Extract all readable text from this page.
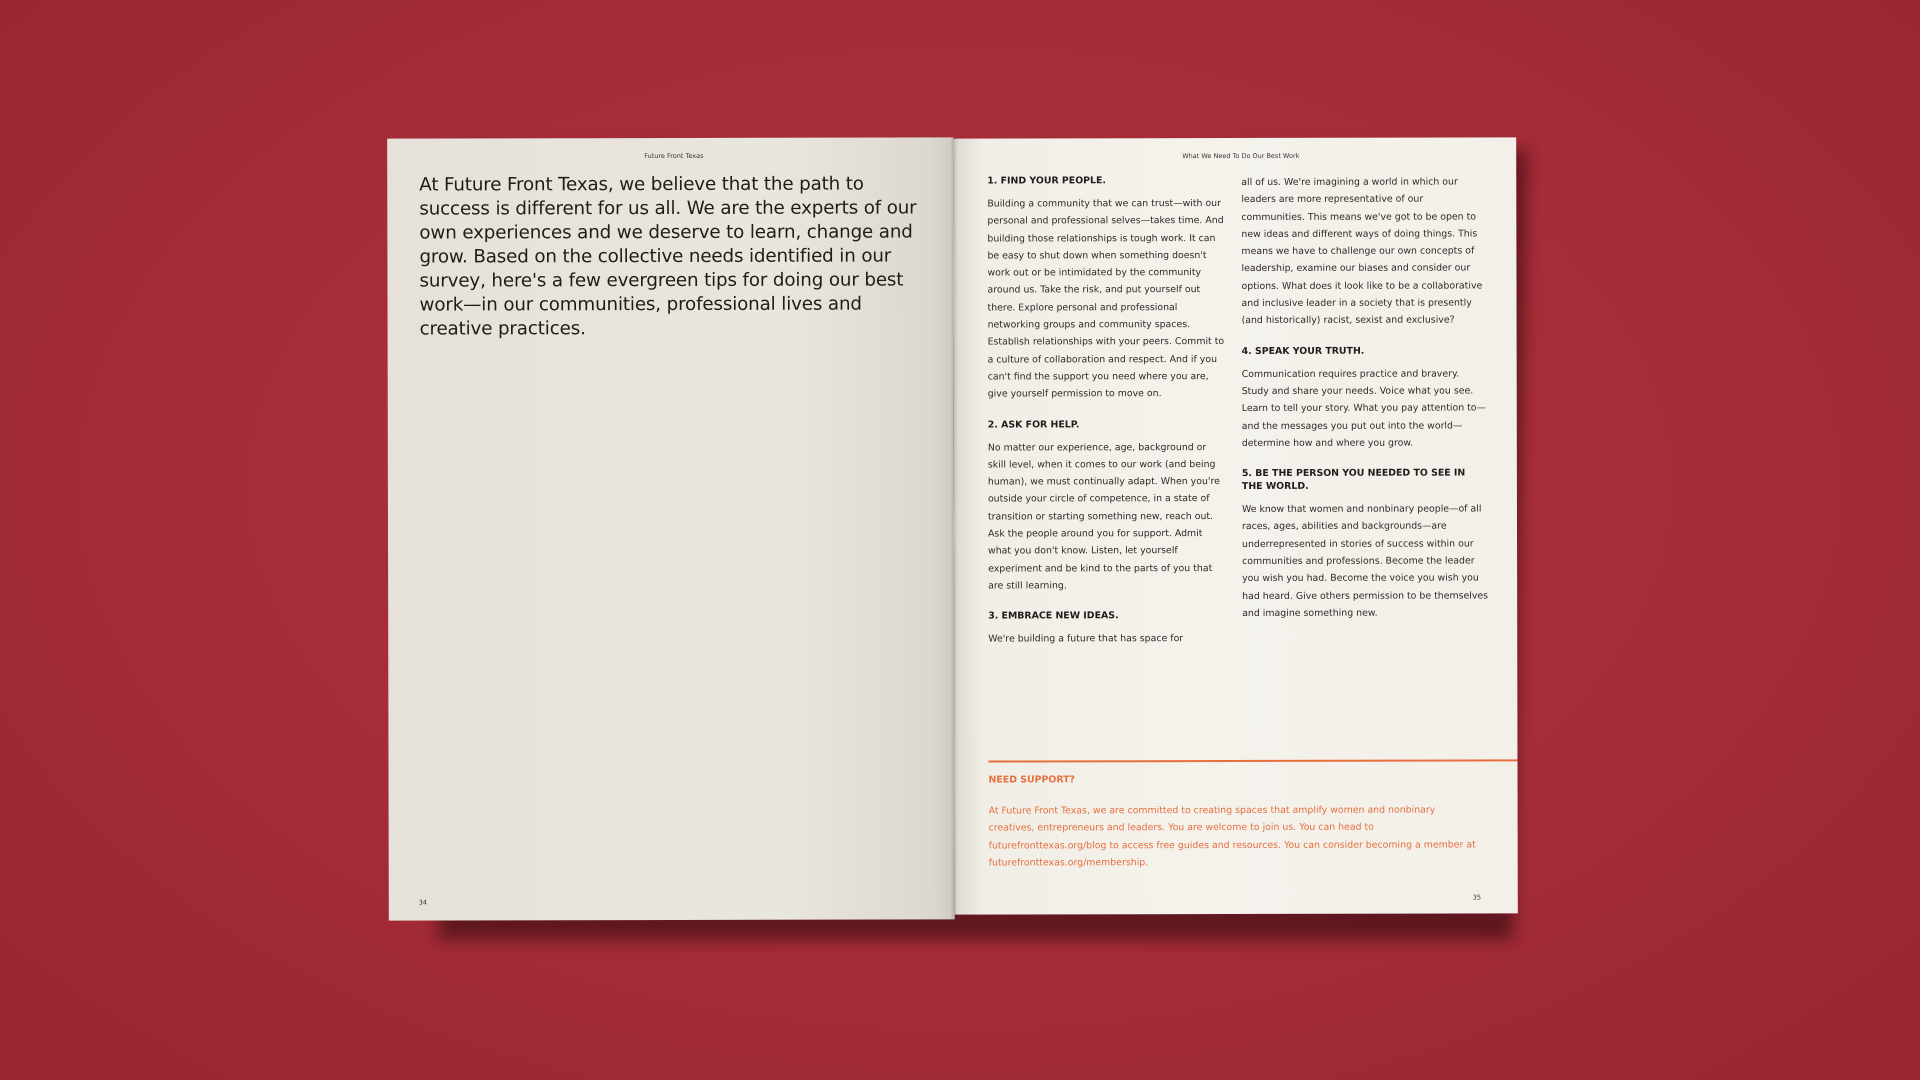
Future Front Texas

At Future Front Texas, we believe that the path to success is different for us all. We are the experts of our own experiences and we deserve to learn, change and grow. Based on the collective needs identified in our survey, here's a few evergreen tips for doing our best work—in our communities, professional lives and creative practices.

34
What We Need To Do Our Best Work
1. FIND YOUR PEOPLE.

Building a community that we can trust—with our personal and professional selves—takes time. And building those relationships is tough work. It can be easy to shut down when something doesn't work out or be intimidated by the community around us. Take the risk, and put yourself out there. Explore personal and professional networking groups and community spaces. Establish relationships with your peers. Commit to a culture of collaboration and respect. And if you can't find the support you need where you are, give yourself permission to move on.

2. ASK FOR HELP.

No matter our experience, age, background or skill level, when it comes to our work (and being human), we must continually adapt. When you're outside your circle of competence, in a state of transition or starting something new, reach out. Ask the people around you for support. Admit what you don't know. Listen, let yourself experiment and be kind to the parts of you that are still learning.

3. EMBRACE NEW IDEAS.

We're building a future that has space for

all of us. We're imagining a world in which our leaders are more representative of our communities. This means we've got to be open to new ideas and different ways of doing things. This means we have to challenge our own concepts of leadership, examine our biases and consider our options. What does it look like to be a collaborative and inclusive leader in a society that is presently (and historically) racist, sexist and exclusive?

4. SPEAK YOUR TRUTH.

Communication requires practice and bravery. Study and share your needs. Voice what you see. Learn to tell your story. What you pay attention to—and the messages you put out into the world—determine how and where you grow.

5. BE THE PERSON YOU NEEDED TO SEE IN THE WORLD.

We know that women and nonbinary people—of all races, ages, abilities and backgrounds—are underrepresented in stories of success within our communities and professions. Become the leader you wish you had. Become the voice you wish you had heard. Give others permission to be themselves and imagine something new.

NEED SUPPORT?

At Future Front Texas, we are committed to creating spaces that amplify women and nonbinary creatives, entrepreneurs and leaders. You are welcome to join us. You can head to futurefronttexas.org/blog to access free guides and resources. You can consider becoming a member at futurefronttexas.org/membership.

35
